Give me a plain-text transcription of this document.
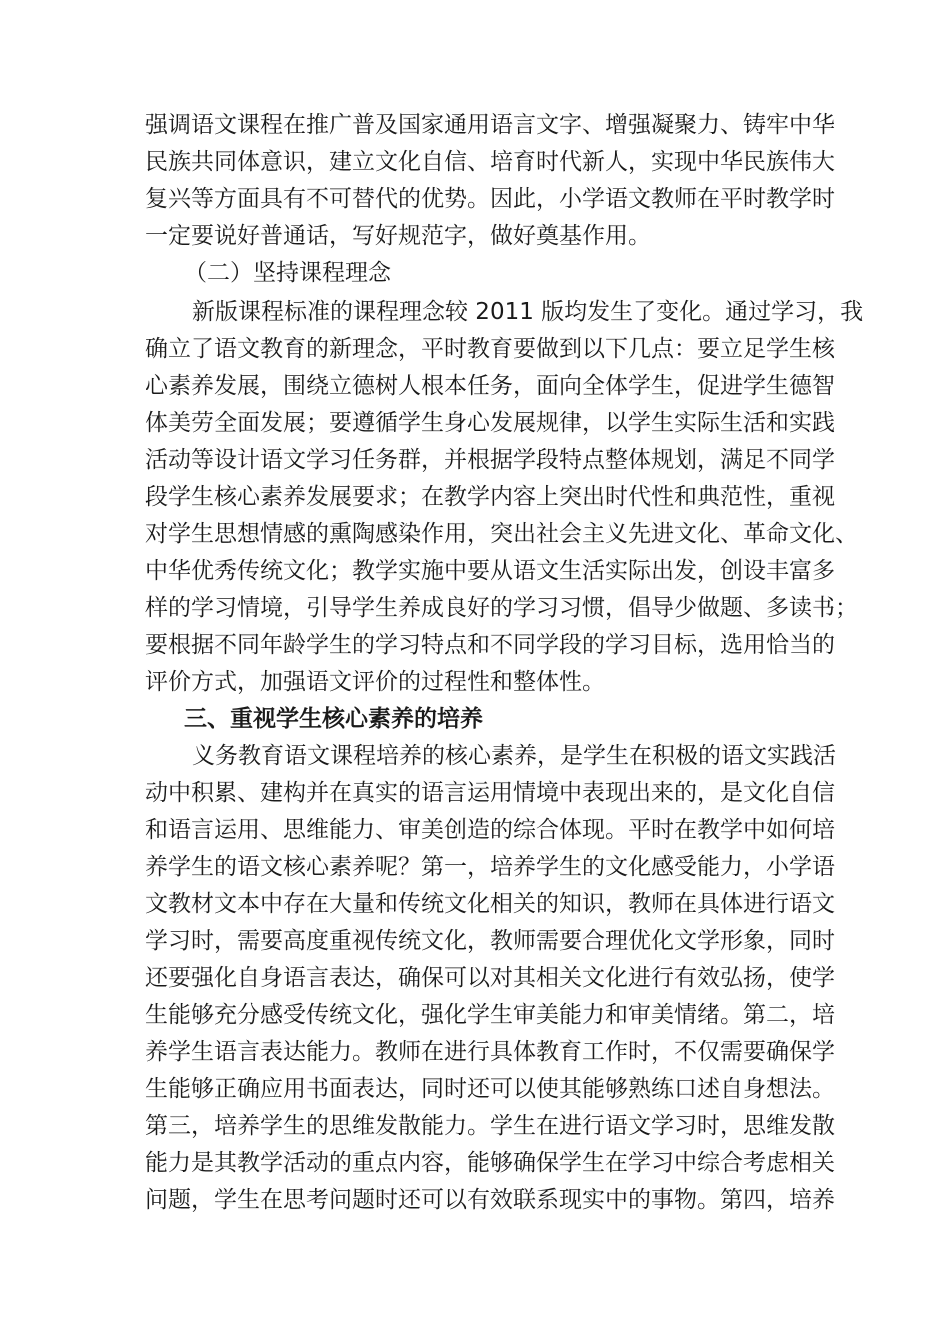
强调语文课程在推广普及国家通用语言文字、增强凝聚力、铸牢中华
民族共同体意识，建立文化自信、培育时代新人，实现中华民族伟大
复兴等方面具有不可替代的优势。因此，小学语文教师在平时教学时
一定要说好普通话，写好规范字，做好奠基作用。
（二）坚持课程理念
新版课程标准的课程理念较 2011 版均发生了变化。通过学习，我
确立了语文教育的新理念，平时教育要做到以下几点：要立足学生核
心素养发展，围绕立德树人根本任务，面向全体学生，促进学生德智
体美劳全面发展；要遵循学生身心发展规律，以学生实际生活和实践
活动等设计语文学习任务群，并根据学段特点整体规划，满足不同学
段学生核心素养发展要求；在教学内容上突出时代性和典范性，重视
对学生思想情感的熏陶感染作用，突出社会主义先进文化、革命文化、
中华优秀传统文化；教学实施中要从语文生活实际出发，创设丰富多
样的学习情境，引导学生养成良好的学习习惯，倡导少做题、多读书；
要根据不同年龄学生的学习特点和不同学段的学习目标，选用恰当的
评价方式，加强语文评价的过程性和整体性。
三、重视学生核心素养的培养
义务教育语文课程培养的核心素养，是学生在积极的语文实践活
动中积累、建构并在真实的语言运用情境中表现出来的，是文化自信
和语言运用、思维能力、审美创造的综合体现。平时在教学中如何培
养学生的语文核心素养呢？第一，培养学生的文化感受能力，小学语
文教材文本中存在大量和传统文化相关的知识，教师在具体进行语文
学习时，需要高度重视传统文化，教师需要合理优化文学形象，同时
还要强化自身语言表达，确保可以对其相关文化进行有效弘扬，使学
生能够充分感受传统文化，强化学生审美能力和审美情绪。第二，培
养学生语言表达能力。教师在进行具体教育工作时，不仅需要确保学
生能够正确应用书面表达，同时还可以使其能够熟练口述自身想法。
第三，培养学生的思维发散能力。学生在进行语文学习时，思维发散
能力是其教学活动的重点内容，能够确保学生在学习中综合考虑相关
问题，学生在思考问题时还可以有效联系现实中的事物。第四，培养
